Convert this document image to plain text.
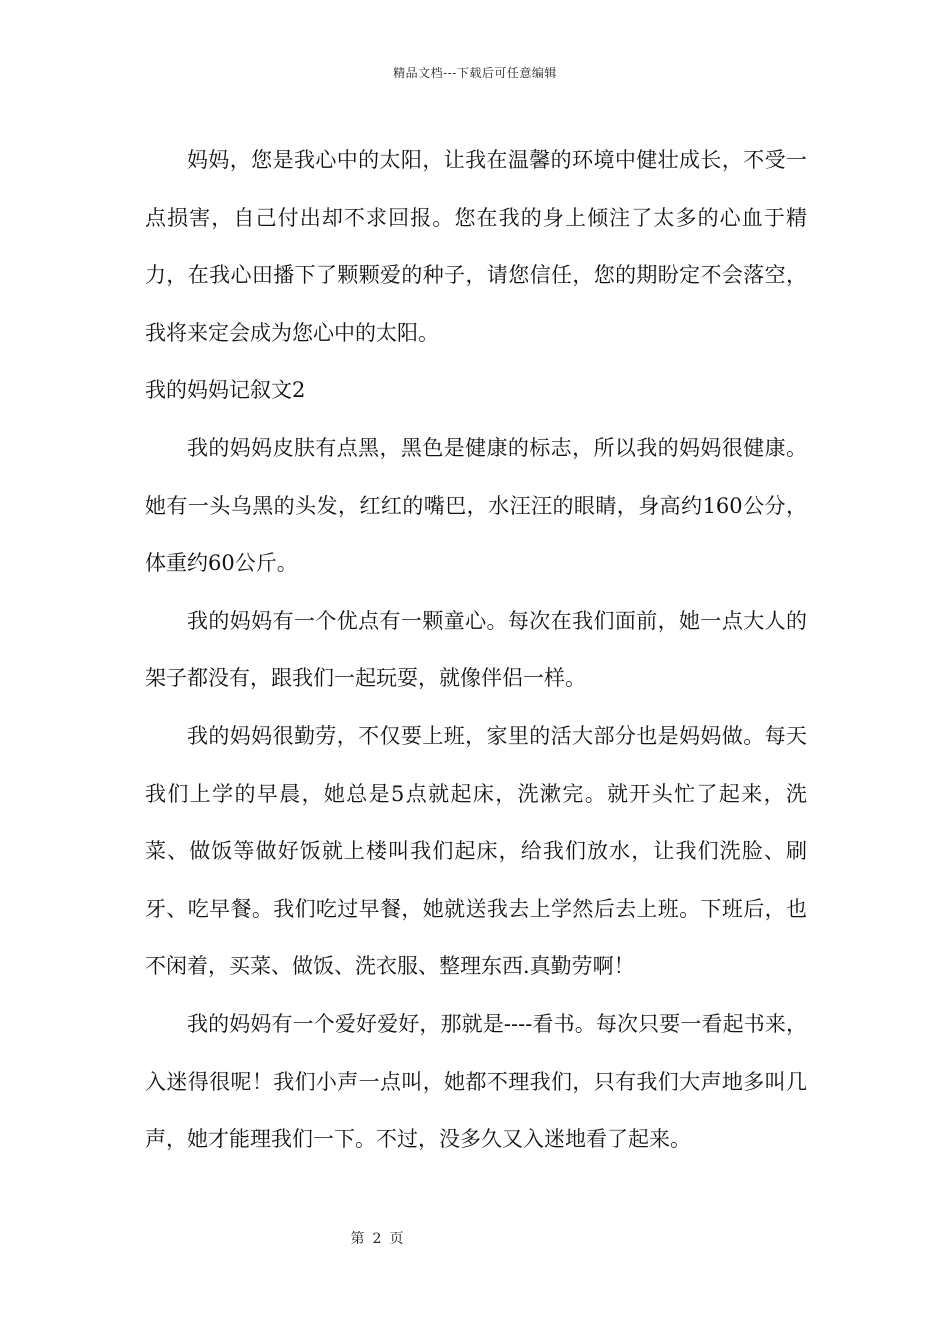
精品文档---下载后可任意编辑

妈妈，您是我心中的太阳，让我在温馨的环境中健壮成长，不受一点损害，自己付出却不求回报。您在我的身上倾注了太多的心血于精力，在我心田播下了颗颗爱的种子，请您信任，您的期盼定不会落空，我将来定会成为您心中的太阳。

我的妈妈记叙文2

我的妈妈皮肤有点黑，黑色是健康的标志，所以我的妈妈很健康。她有一头乌黑的头发，红红的嘴巴，水汪汪的眼睛，身高约160公分，体重约60公斤。

我的妈妈有一个优点有一颗童心。每次在我们面前，她一点大人的架子都没有，跟我们一起玩耍，就像伴侣一样。

我的妈妈很勤劳，不仅要上班，家里的活大部分也是妈妈做。每天我们上学的早晨，她总是5点就起床，洗漱完。就开头忙了起来，洗菜、做饭等做好饭就上楼叫我们起床，给我们放水，让我们洗脸、刷牙、吃早餐。我们吃过早餐，她就送我去上学然后去上班。下班后，也不闲着，买菜、做饭、洗衣服、整理东西.真勤劳啊！

我的妈妈有一个爱好爱好，那就是----看书。每次只要一看起书来，入迷得很呢！我们小声一点叫，她都不理我们，只有我们大声地多叫几声，她才能理我们一下。不过，没多久又入迷地看了起来。

第 2 页
